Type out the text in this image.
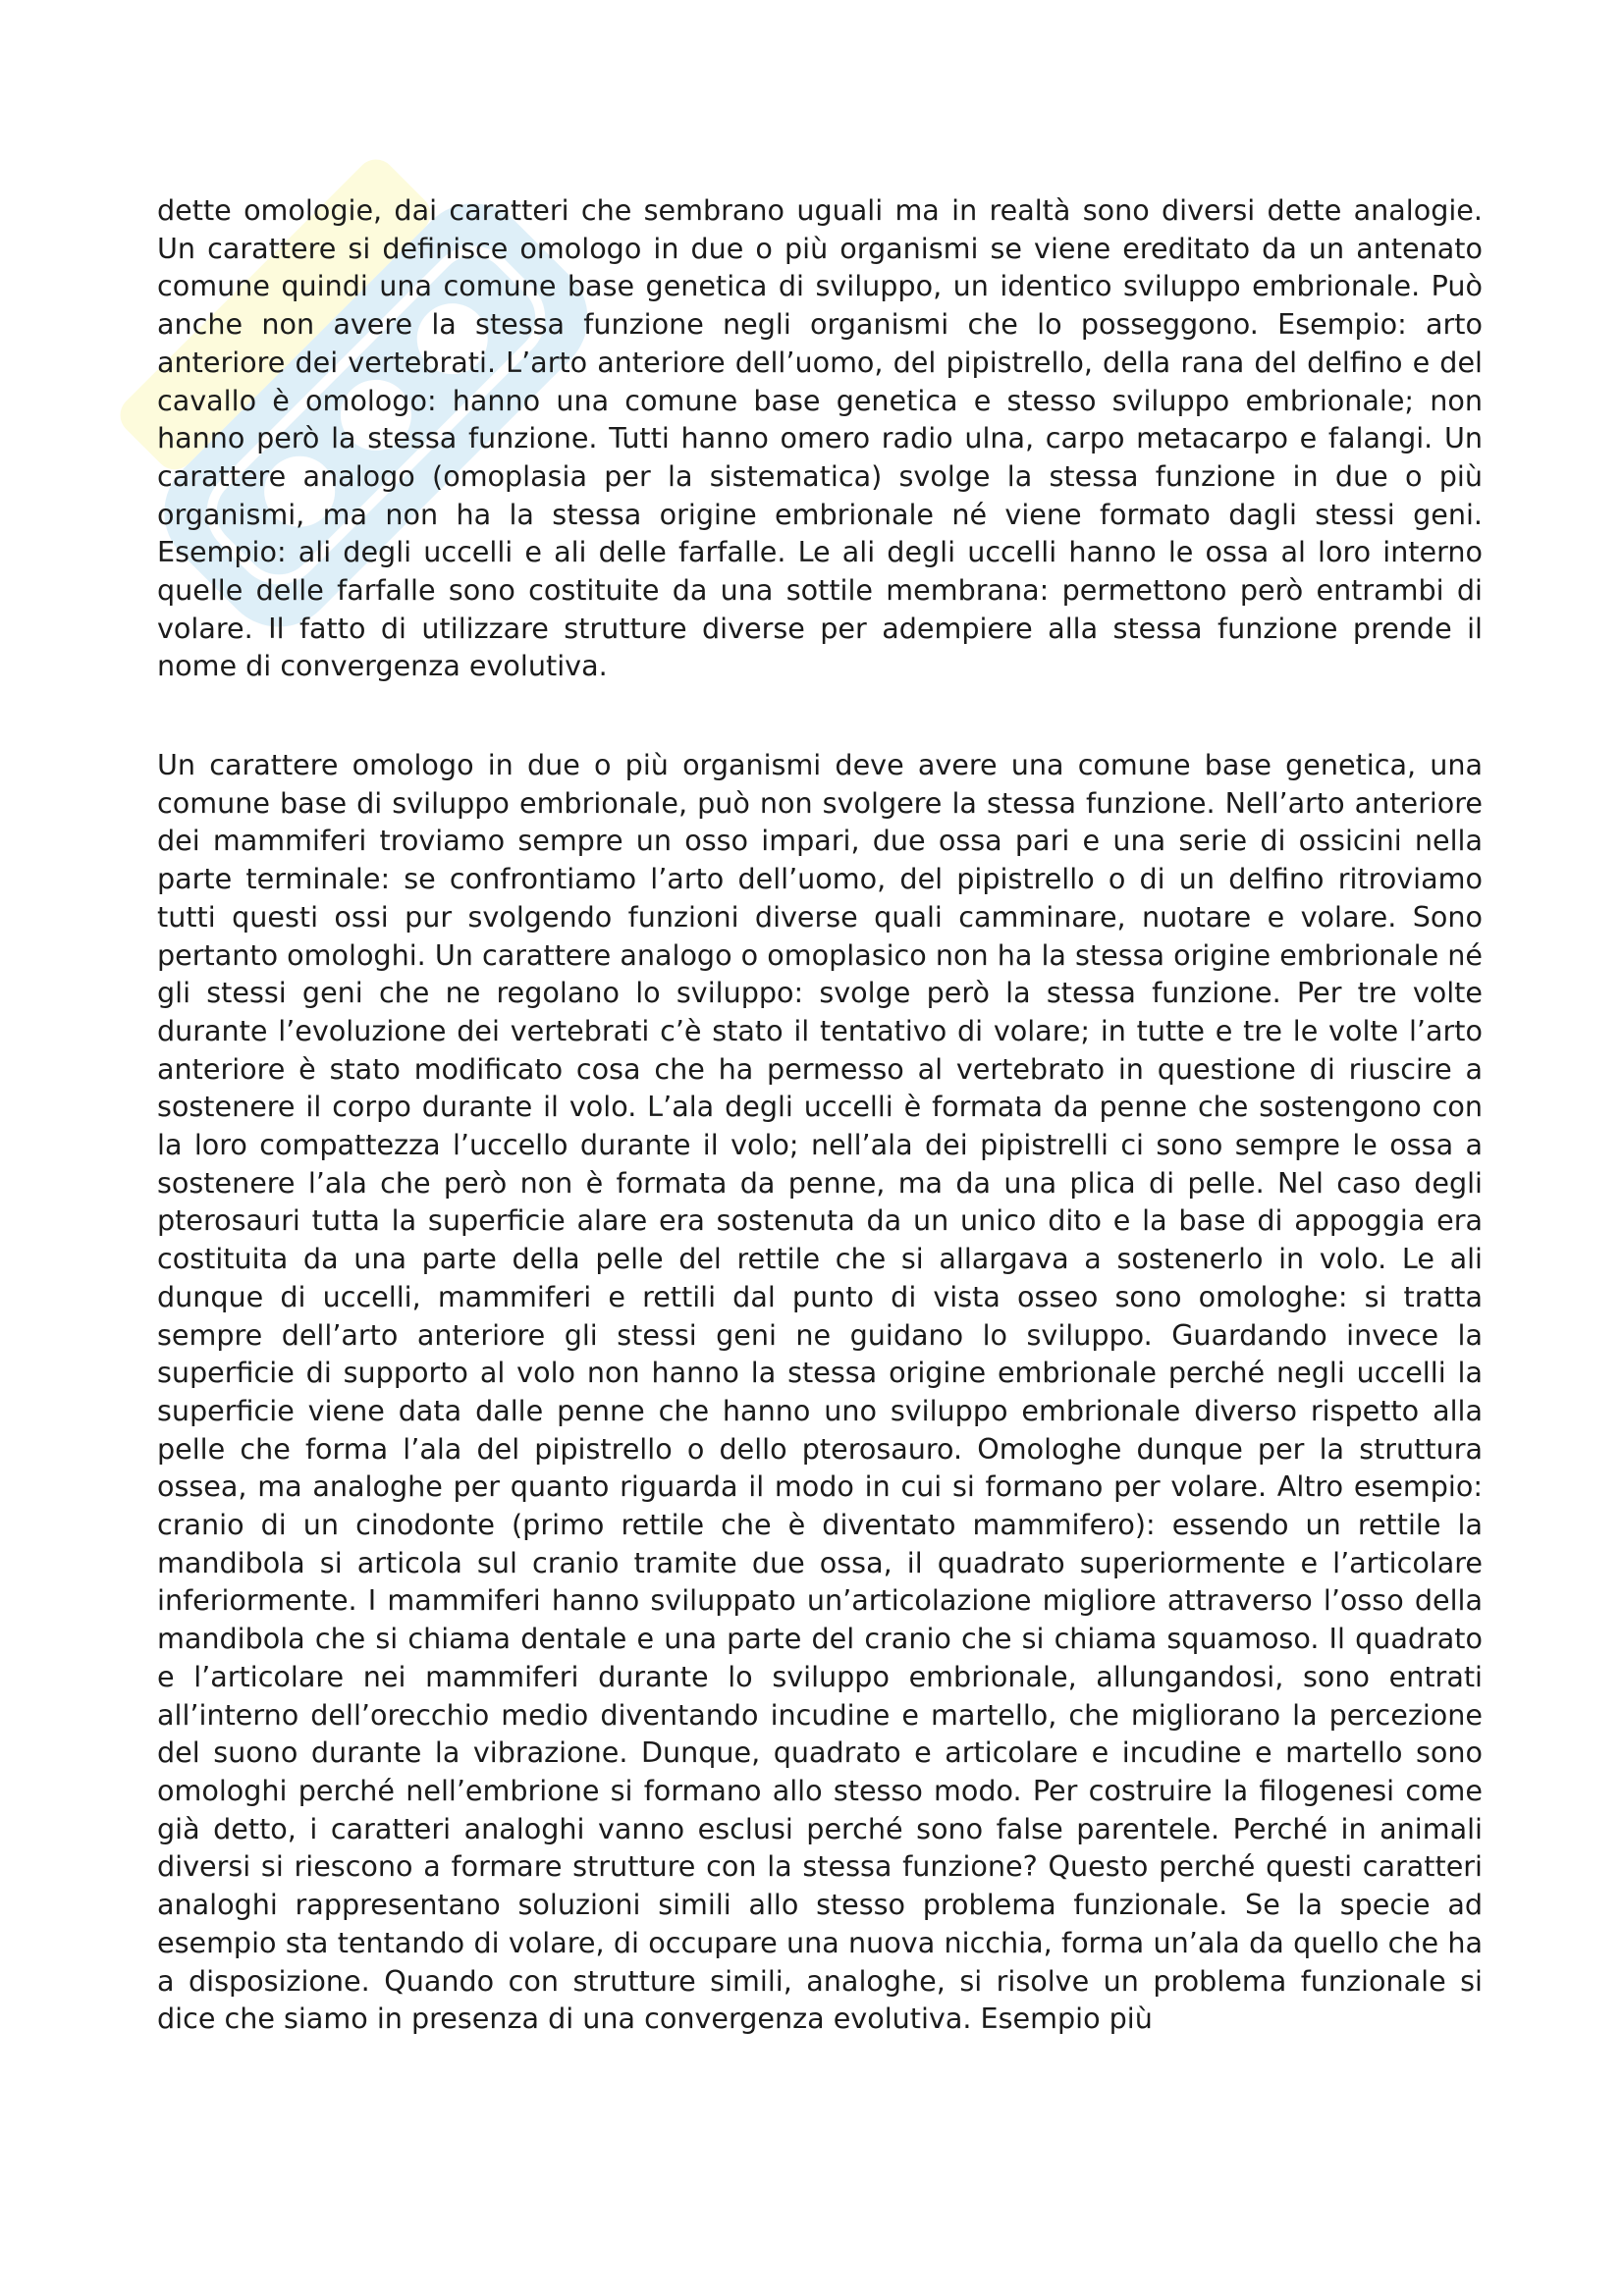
dette omologie, dai caratteri che sembrano uguali ma in realtà sono diversi dette analogie. Un carattere si definisce omologo in due o più organismi se viene ereditato da un antenato comune quindi una comune base genetica di sviluppo, un identico sviluppo embrionale. Può anche non avere la stessa funzione negli organismi che lo posseggono. Esempio: arto anteriore dei vertebrati. L’arto anteriore dell’uomo, del pipistrello, della rana del delfino e del cavallo è omologo: hanno una comune base genetica e stesso sviluppo embrionale; non hanno però la stessa funzione. Tutti hanno omero radio ulna, carpo metacarpo e falangi. Un carattere analogo (omoplasia per la sistematica) svolge la stessa funzione in due o più organismi, ma non ha la stessa origine embrionale né viene formato dagli stessi geni. Esempio: ali degli uccelli e ali delle farfalle. Le ali degli uccelli hanno le ossa al loro interno quelle delle farfalle sono costituite da una sottile membrana: permettono però entrambi di volare. Il fatto di utilizzare strutture diverse per adempiere alla stessa funzione prende il nome di convergenza evolutiva.

Un carattere omologo in due o più organismi deve avere una comune base genetica, una comune base di sviluppo embrionale, può non svolgere la stessa funzione. Nell’arto anteriore dei mammiferi troviamo sempre un osso impari, due ossa pari e una serie di ossicini nella parte terminale: se confrontiamo l’arto dell’uomo, del pipistrello o di un delfino ritroviamo tutti questi ossi pur svolgendo funzioni diverse quali camminare, nuotare e volare. Sono pertanto omologhi. Un carattere analogo o omoplasico non ha la stessa origine embrionale né gli stessi geni che ne regolano lo sviluppo: svolge però la stessa funzione. Per tre volte durante l’evoluzione dei vertebrati c’è stato il tentativo di volare; in tutte e tre le volte l’arto anteriore è stato modificato cosa che ha permesso al vertebrato in questione di riuscire a sostenere il corpo durante il volo. L’ala degli uccelli è formata da penne che sostengono con la loro compattezza l’uccello durante il volo; nell’ala dei pipistrelli ci sono sempre le ossa a sostenere l’ala che però non è formata da penne, ma da una plica di pelle. Nel caso degli pterosauri tutta la superficie alare era sostenuta da un unico dito e la base di appoggia era costituita da una parte della pelle del rettile che si allargava a sostenerlo in volo. Le ali dunque di uccelli, mammiferi e rettili dal punto di vista osseo sono omologhe: si tratta sempre dell’arto anteriore gli stessi geni ne guidano lo sviluppo. Guardando invece la superficie di supporto al volo non hanno la stessa origine embrionale perché negli uccelli la superficie viene data dalle penne che hanno uno sviluppo embrionale diverso rispetto alla pelle che forma l’ala del pipistrello o dello pterosauro. Omologhe dunque per la struttura ossea, ma analoghe per quanto riguarda il modo in cui si formano per volare. Altro esempio: cranio di un cinodonte (primo rettile che è diventato mammifero): essendo un rettile la mandibola si articola sul cranio tramite due ossa, il quadrato superiormente e l’articolare inferiormente. I mammiferi hanno sviluppato un’articolazione migliore attraverso l’osso della mandibola che si chiama dentale e una parte del cranio che si chiama squamoso. Il quadrato e l’articolare nei mammiferi durante lo sviluppo embrionale, allungandosi, sono entrati all’interno dell’orecchio medio diventando incudine e martello, che migliorano la percezione del suono durante la vibrazione. Dunque, quadrato e articolare e incudine e martello sono omologhi perché nell’embrione si formano allo stesso modo. Per costruire la filogenesi come già detto, i caratteri analoghi vanno esclusi perché sono false parentele. Perché in animali diversi si riescono a formare strutture con la stessa funzione? Questo perché questi caratteri analoghi rappresentano soluzioni simili allo stesso problema funzionale. Se la specie ad esempio sta tentando di volare, di occupare una nuova nicchia, forma un’ala da quello che ha a disposizione. Quando con strutture simili, analoghe, si risolve un problema funzionale si dice che siamo in presenza di una convergenza evolutiva. Esempio più
